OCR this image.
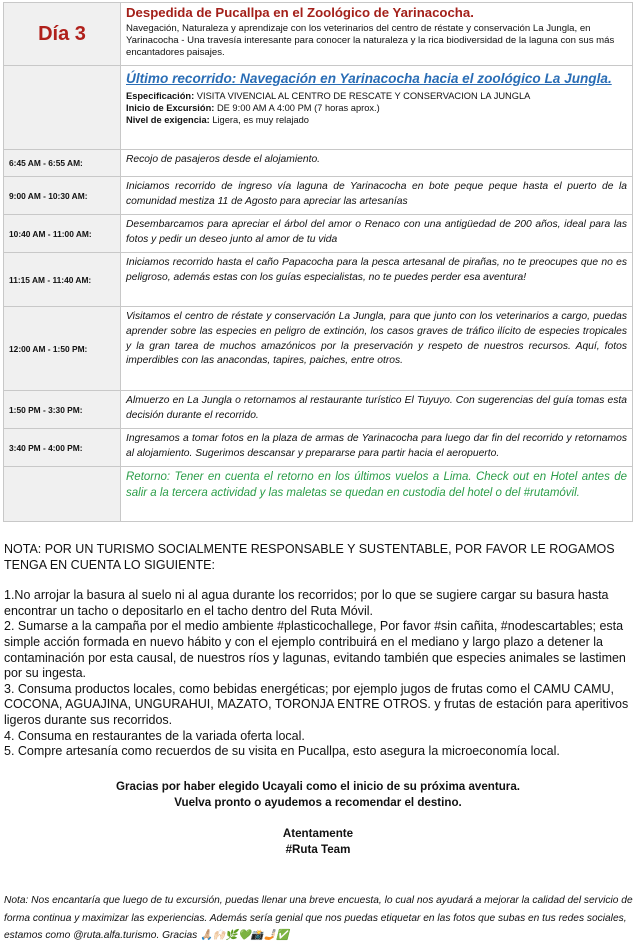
Día 3	Despedida de Pucallpa en el Zoológico de Yarinacocha.
Navegación, Naturaleza y aprendizaje con los veterinarios del centro de réstate y conservación La Jungla, en Yarinacocha - Una travesía interesante para conocer la naturaleza y la rica biodiversidad de la laguna con sus más encantadores paisajes.

	Último recorrido: Navegación en Yarinacocha hacia el zoológico La Jungla.
Especificación: VISITA VIVENCIAL AL CENTRO DE RESCATE Y CONSERVACION LA JUNGLA
Inicio de Excursión: DE 9:00 AM A 4:00 PM (7 horas aprox.)
Nivel de exigencia: Ligera, es muy relajado

6:45 AM - 6:55 AM:	Recojo de pasajeros desde el alojamiento.
9:00 AM - 10:30 AM:	Iniciamos recorrido de ingreso vía laguna de Yarinacocha en bote peque peque hasta el puerto de la comunidad mestiza 11 de Agosto para apreciar las artesanías
10:40 AM - 11:00 AM:	Desembarcamos para apreciar el árbol del amor o Renaco con una antigüedad de 200 años, ideal para las fotos y pedir un deseo junto al amor de tu vida
11:15 AM - 11:40 AM:	Iniciamos recorrido hasta el caño Papacocha para la pesca artesanal de pirañas, no te preocupes que no es peligroso, además estas con los guías especialistas, no te puedes perder esa aventura!
12:00 AM - 1:50 PM:	Visitamos el centro de réstate y conservación La Jungla, para que junto con los veterinarios a cargo, puedas aprender sobre las especies en peligro de extinción, los casos graves de tráfico ilícito de especies tropicales y la gran tarea de muchos amazónicos por la preservación y respeto de nuestros recursos. Aquí, fotos imperdibles con las anacondas, tapires, paiches, entre otros.
1:50 PM - 3:30 PM:	Almuerzo en La Jungla o retornamos al restaurante turístico El Tuyuyo. Con sugerencias del guía tomas esta decisión durante el recorrido.
3:40 PM - 4:00 PM:	Ingresamos a tomar fotos en la plaza de armas de Yarinacocha para luego dar fin del recorrido y retornamos al alojamiento. Sugerimos descansar y prepararse para partir hacia el aeropuerto.
	Retorno: Tener en cuenta el retorno en los últimos vuelos a Lima. Check out en Hotel antes de salir a la tercera actividad y las maletas se quedan en custodia del hotel o del #rutamóvil.

NOTA: POR UN TURISMO SOCIALMENTE RESPONSABLE Y SUSTENTABLE, POR FAVOR LE ROGAMOS TENGA EN CUENTA LO SIGUIENTE:

1.No arrojar la basura al suelo ni al agua durante los recorridos; por lo que se sugiere cargar su basura hasta encontrar un tacho o depositarlo en el tacho dentro del Ruta Móvil.

2. Sumarse a la campaña por el medio ambiente #plasticochallege, Por favor #sin cañita, #nodescartables; esta simple acción formada en nuevo hábito y con el ejemplo contribuirá en el mediano y largo plazo a detener la contaminación por esta causal, de nuestros ríos y lagunas, evitando también que especies animales se lastimen por su ingesta.

3. Consuma productos locales, como bebidas energéticas; por ejemplo jugos de frutas como el CAMU CAMU, COCONA, AGUAJINA, UNGURAHUI, MAZATO, TORONJA ENTRE OTROS. y frutas de estación para aperitivos ligeros durante sus recorridos.

4. Consuma en restaurantes de la variada oferta local.

5. Compre artesanía como recuerdos de su visita en Pucallpa, esto asegura la microeconomía local.

Gracias por haber elegido Ucayali como el inicio de su próxima aventura.
Vuelva pronto o ayudemos a recomendar el destino.
Atentamente
#Ruta Team
Nota: Nos encantaría que luego de tu excursión, puedas llenar una breve encuesta, lo cual nos ayudará a mejorar la calidad del servicio de forma continua y maximizar las experiencias. Además sería genial que nos puedas etiquetar en las fotos que subas en tus redes sociales, estamos como @ruta.alfa.turismo. Gracias 🙏🏼🙌🏻🌿💚📸🤳🏻✅
